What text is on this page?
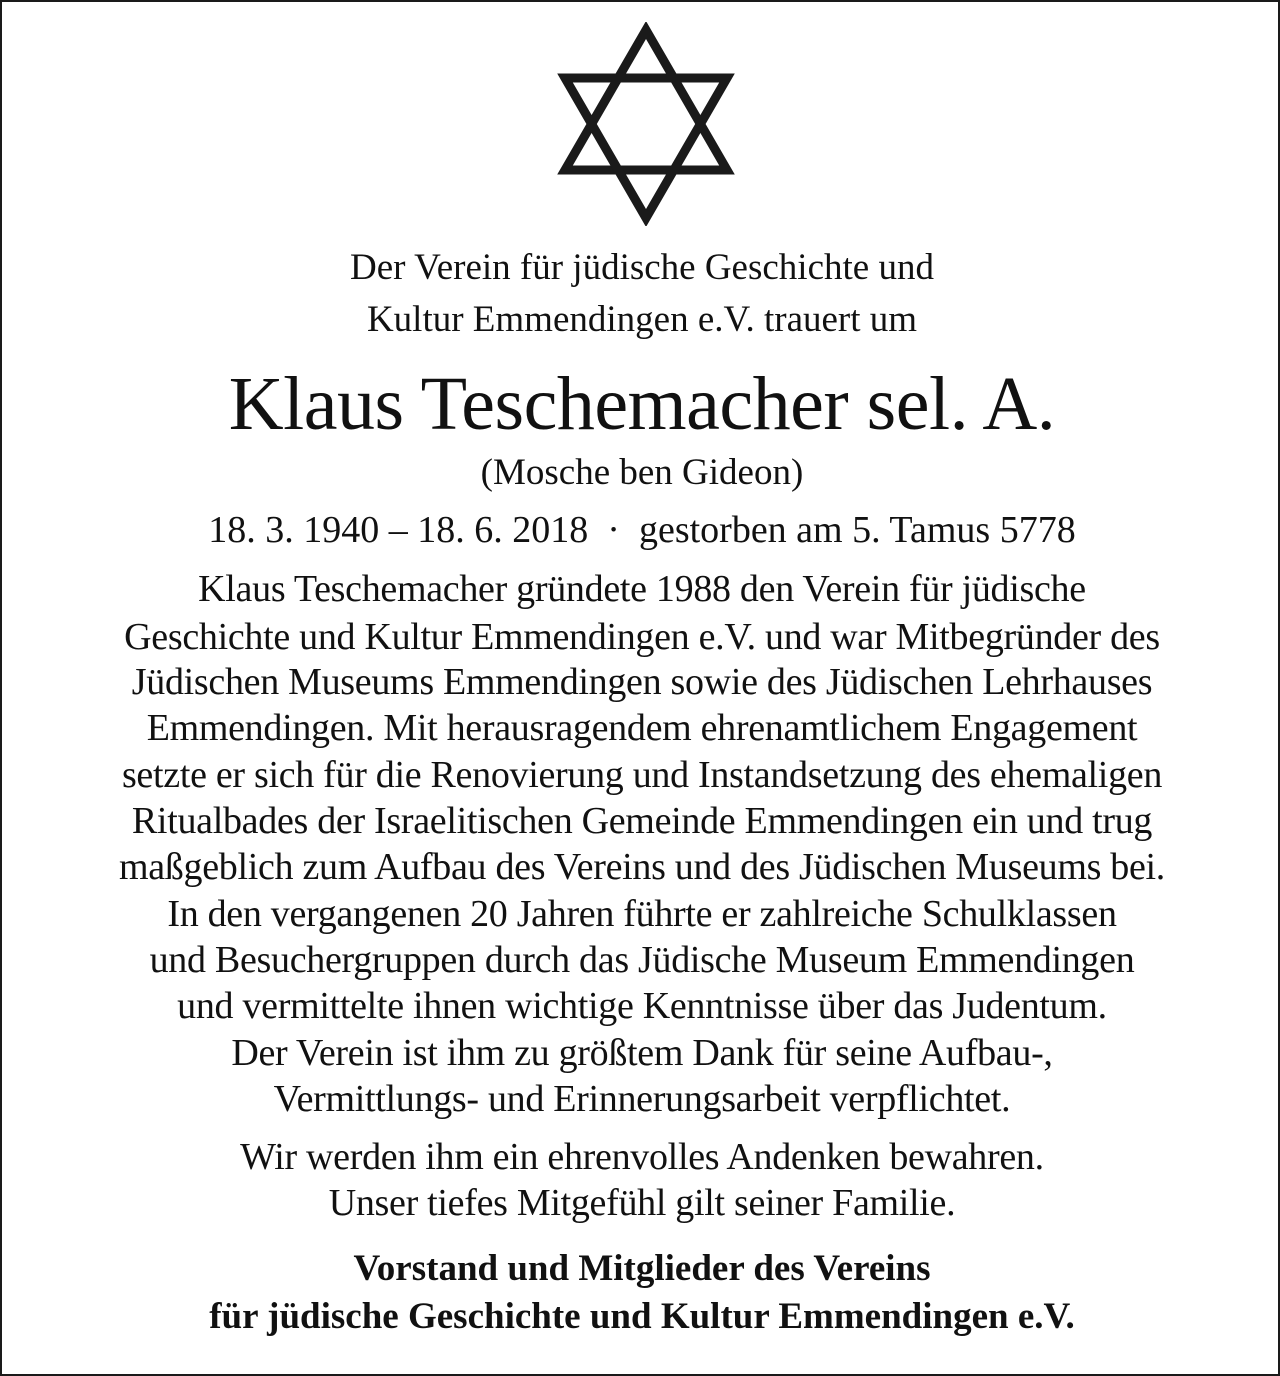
Der Verein für jüdische Geschichte und
Kultur Emmendingen e.V. trauert um
Klaus Teschemacher sel. A.
(Mosche ben Gideon)
18. 3. 1940 – 18. 6. 2018  ·  gestorben am 5. Tamus 5778
Klaus Teschemacher gründete 1988 den Verein für jüdische
Geschichte und Kultur Emmendingen e.V. und war Mitbegründer des
Jüdischen Museums Emmendingen sowie des Jüdischen Lehrhauses
Emmendingen. Mit herausragendem ehrenamtlichem Engagement
setzte er sich für die Renovierung und Instandsetzung des ehemaligen
Ritualbades der Israelitischen Gemeinde Emmendingen ein und trug
maßgeblich zum Aufbau des Vereins und des Jüdischen Museums bei.
In den vergangenen 20 Jahren führte er zahlreiche Schulklassen
und Besuchergruppen durch das Jüdische Museum Emmendingen
und vermittelte ihnen wichtige Kenntnisse über das Judentum.
Der Verein ist ihm zu größtem Dank für seine Aufbau-,
Vermittlungs- und Erinnerungsarbeit verpflichtet.
Wir werden ihm ein ehrenvolles Andenken bewahren.
Unser tiefes Mitgefühl gilt seiner Familie.
Vorstand und Mitglieder des Vereins
für jüdische Geschichte und Kultur Emmendingen e.V.
